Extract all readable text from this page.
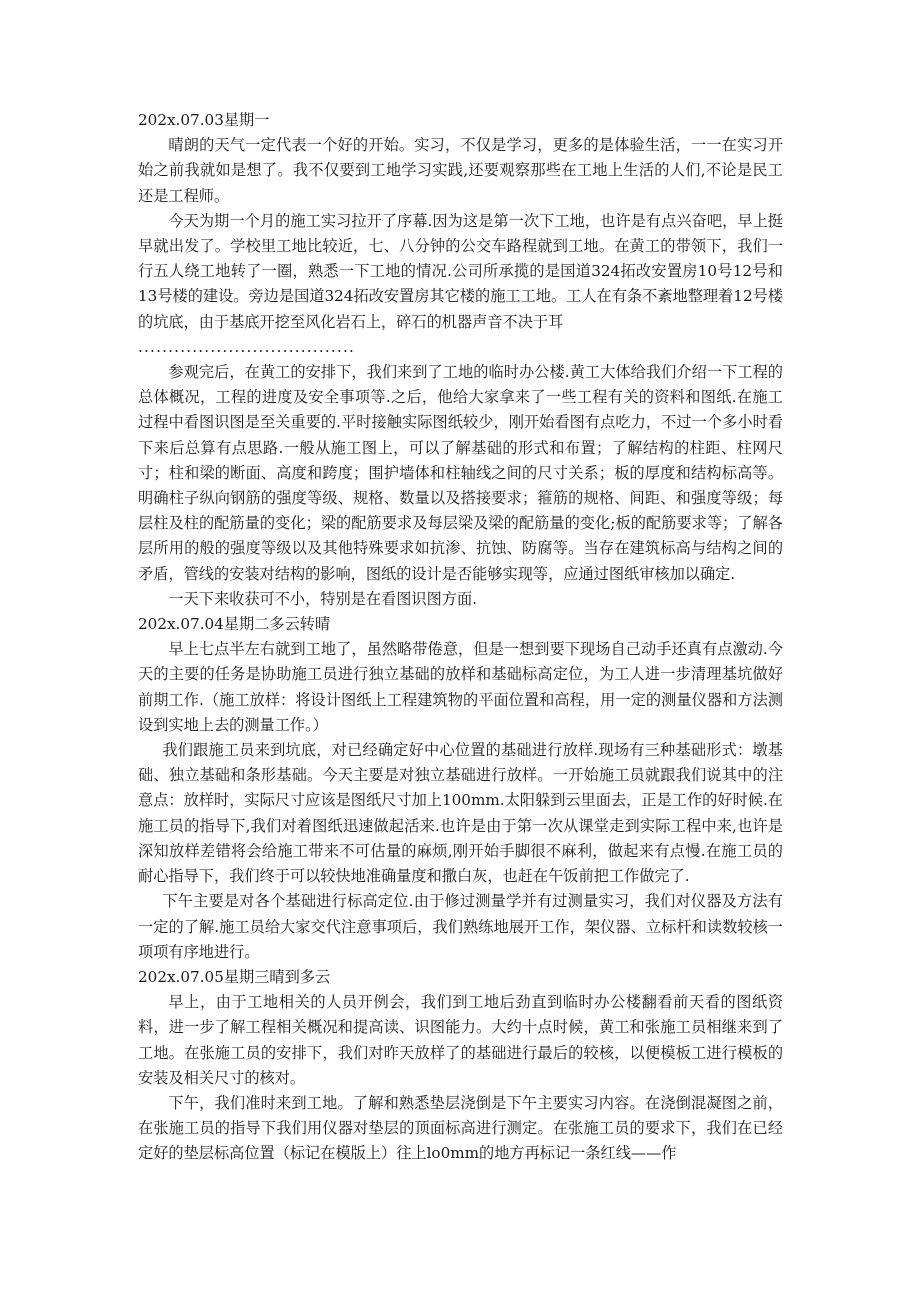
202x.07.03星期一

晴朗的天气一定代表一个好的开始。实习，不仅是学习，更多的是体验生活，一一在实习开始之前我就如是想了。我不仅要到工地学习实践,还要观察那些在工地上生活的人们,不论是民工还是工程师。

今天为期一个月的施工实习拉开了序幕.因为这是第一次下工地，也许是有点兴奋吧，早上挺早就出发了。学校里工地比较近，七、八分钟的公交车路程就到工地。在黄工的带领下，我们一行五人绕工地转了一圈，熟悉一下工地的情况.公司所承揽的是国道324拓改安置房10号12号和13号楼的建设。旁边是国道324拓改安置房其它楼的施工工地。工人在有条不紊地整理着12号楼的坑底，由于基底开挖至风化岩石上，碎石的机器声音不决于耳

....................................

参观完后，在黄工的安排下，我们来到了工地的临时办公楼.黄工大体给我们介绍一下工程的总体概况，工程的进度及安全事项等.之后，他给大家拿来了一些工程有关的资料和图纸.在施工过程中看图识图是至关重要的.平时接触实际图纸较少，刚开始看图有点吃力，不过一个多小时看下来后总算有点思路.一般从施工图上，可以了解基础的形式和布置；了解结构的柱距、柱网尺寸；柱和梁的断面、高度和跨度；围护墙体和柱轴线之间的尺寸关系；板的厚度和结构标高等。明确柱子纵向钢筋的强度等级、规格、数量以及搭接要求；箍筋的规格、间距、和强度等级；每层柱及柱的配筋量的变化；梁的配筋要求及每层梁及梁的配筋量的变化;板的配筋要求等；了解各层所用的般的强度等级以及其他特殊要求如抗渗、抗蚀、防腐等。当存在建筑标高与结构之间的矛盾，管线的安装对结构的影响，图纸的设计是否能够实现等，应通过图纸审核加以确定.

一天下来收获可不小，特别是在看图识图方面.

202x.07.04星期二多云转晴

早上七点半左右就到工地了，虽然略带倦意，但是一想到要下现场自己动手还真有点激动.今天的主要的任务是协助施工员进行独立基础的放样和基础标高定位，为工人进一步清理基坑做好前期工作.（施工放样：将设计图纸上工程建筑物的平面位置和高程，用一定的测量仪器和方法测设到实地上去的测量工作。）

我们跟施工员来到坑底，对已经确定好中心位置的基础进行放样.现场有三种基础形式：墩基础、独立基础和条形基础。今天主要是对独立基础进行放样。一开始施工员就跟我们说其中的注意点：放样时，实际尺寸应该是图纸尺寸加上100mm.太阳躲到云里面去，正是工作的好时候.在施工员的指导下,我们对着图纸迅速做起活来.也许是由于第一次从课堂走到实际工程中来,也许是深知放样差错将会给施工带来不可估量的麻烦,刚开始手脚很不麻利，做起来有点慢.在施工员的耐心指导下，我们终于可以较快地准确量度和撒白灰，也赶在午饭前把工作做完了.

下午主要是对各个基础进行标高定位.由于修过测量学并有过测量实习，我们对仪器及方法有一定的了解.施工员给大家交代注意事项后，我们熟练地展开工作，架仪器、立标杆和读数较核一项项有序地进行。

202x.07.05星期三晴到多云

早上，由于工地相关的人员开例会，我们到工地后劲直到临时办公楼翻看前天看的图纸资料，进一步了解工程相关概况和提高读、识图能力。大约十点时候，黄工和张施工员相继来到了工地。在张施工员的安排下，我们对昨天放样了的基础进行最后的较核，以便模板工进行模板的安装及相关尺寸的核对。

下午，我们准时来到工地。了解和熟悉垫层浇倒是下午主要实习内容。在浇倒混凝图之前，在张施工员的指导下我们用仪器对垫层的顶面标高进行测定。在张施工员的要求下，我们在已经定好的垫层标高位置（标记在模版上）往上lo0mm的地方再标记一条红线——作
